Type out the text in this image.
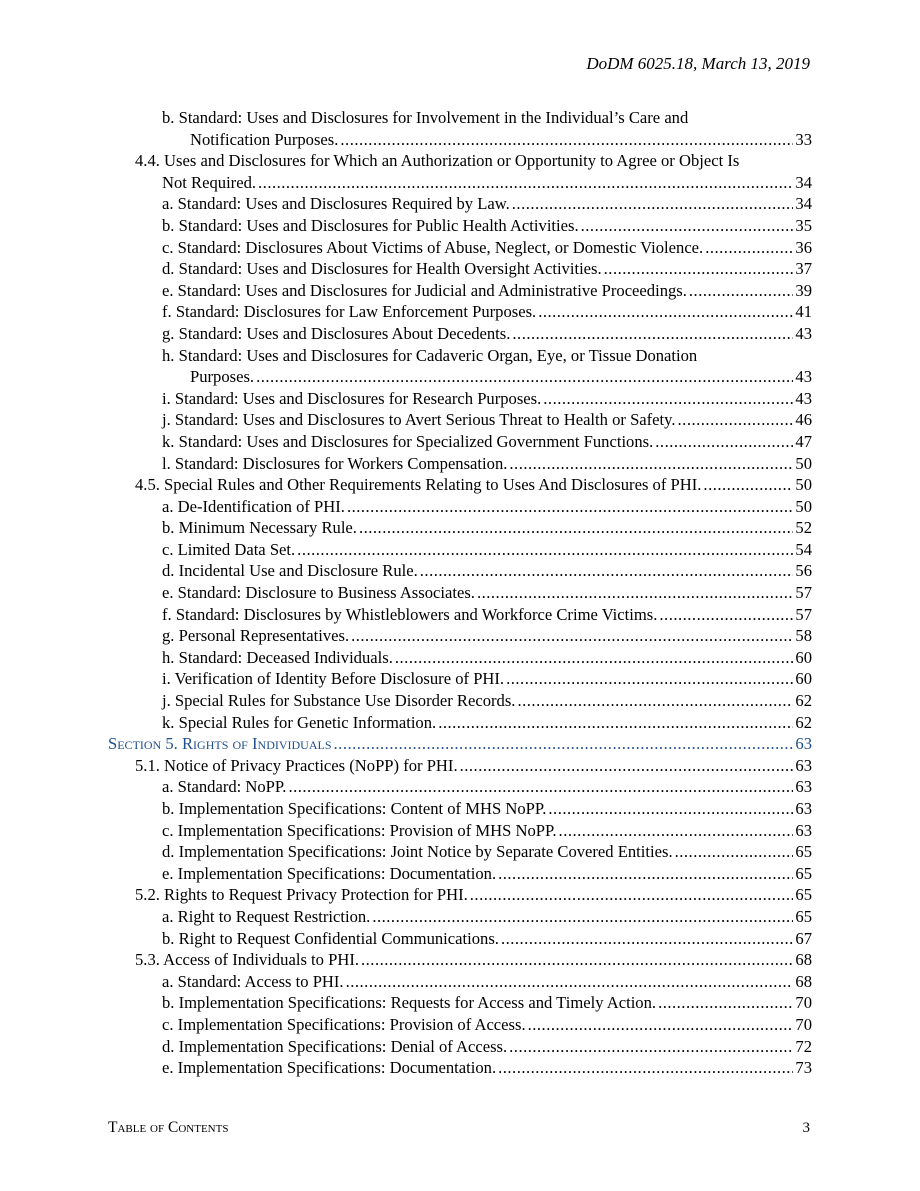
DoDM 6025.18, March 13, 2019
b. Standard: Uses and Disclosures for Involvement in the Individual’s Care and
Notification Purposes. .....	33
4.4. Uses and Disclosures for Which an Authorization or Opportunity to Agree or Object Is
Not Required. .....	34
a. Standard: Uses and Disclosures Required by Law. .....	34
b. Standard: Uses and Disclosures for Public Health Activities. .....	35
c. Standard: Disclosures About Victims of Abuse, Neglect, or Domestic Violence. .....	36
d. Standard: Uses and Disclosures for Health Oversight Activities. .....	37
e. Standard: Uses and Disclosures for Judicial and Administrative Proceedings. .....	39
f. Standard: Disclosures for Law Enforcement Purposes. .....	41
g. Standard: Uses and Disclosures About Decedents. .....	43
h. Standard: Uses and Disclosures for Cadaveric Organ, Eye, or Tissue Donation
Purposes. .....	43
i. Standard: Uses and Disclosures for Research Purposes. .....	43
j. Standard: Uses and Disclosures to Avert Serious Threat to Health or Safety. .....	46
k. Standard: Uses and Disclosures for Specialized Government Functions. .....	47
l. Standard: Disclosures for Workers Compensation. .....	50
4.5. Special Rules and Other Requirements Relating to Uses And Disclosures of PHI. .....	50
a. De-Identification of PHI. .....	50
b. Minimum Necessary Rule. .....	52
c. Limited Data Set. .....	54
d. Incidental Use and Disclosure Rule. .....	56
e. Standard: Disclosure to Business Associates. .....	57
f. Standard: Disclosures by Whistleblowers and Workforce Crime Victims. .....	57
g. Personal Representatives. .....	58
h. Standard: Deceased Individuals. .....	60
i. Verification of Identity Before Disclosure of PHI. .....	60
j. Special Rules for Substance Use Disorder Records. .....	62
k. Special Rules for Genetic Information. .....	62
Section 5. Rights of Individuals .....	63
5.1. Notice of Privacy Practices (NoPP) for PHI. .....	63
a. Standard: NoPP. .....	63
b. Implementation Specifications: Content of MHS NoPP. .....	63
c. Implementation Specifications: Provision of MHS NoPP. .....	63
d. Implementation Specifications: Joint Notice by Separate Covered Entities. .....	65
e. Implementation Specifications: Documentation. .....	65
5.2. Rights to Request Privacy Protection for PHI. .....	65
a. Right to Request Restriction. .....	65
b. Right to Request Confidential Communications. .....	67
5.3. Access of Individuals to PHI. .....	68
a. Standard: Access to PHI. .....	68
b. Implementation Specifications: Requests for Access and Timely Action. .....	70
c. Implementation Specifications: Provision of Access. .....	70
d. Implementation Specifications: Denial of Access. .....	72
e. Implementation Specifications: Documentation. .....	73
Table of Contents	3
